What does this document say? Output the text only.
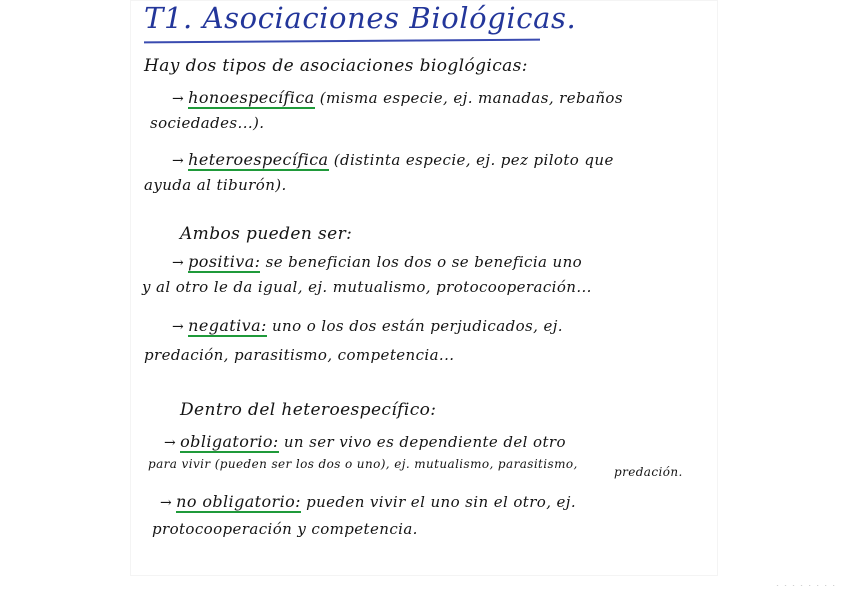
T1. Asociaciones Biológicas.
Hay dos tipos de asociaciones bioglógicas:
→ honoespecífica (misma especie, ej. manadas, rebaños
sociedades...).
→ heteroespecífica (distinta especie, ej. pez piloto que
ayuda al tiburón).
Ambos pueden ser:
→ positiva: se benefician los dos o se beneficia uno
y al otro le da igual, ej. mutualismo, protocooperación...
→ negativa: uno o los dos están perjudicados, ej.
predación, parasitismo, competencia...
Dentro del heteroespecífico:
→ obligatorio: un ser vivo es dependiente del otro
para vivir (pueden ser los dos o uno), ej. mutualismo, parasitismo,
predación.
→ no obligatorio: pueden vivir el uno sin el otro, ej.
protocooperación y competencia.
- - - - - - - -
